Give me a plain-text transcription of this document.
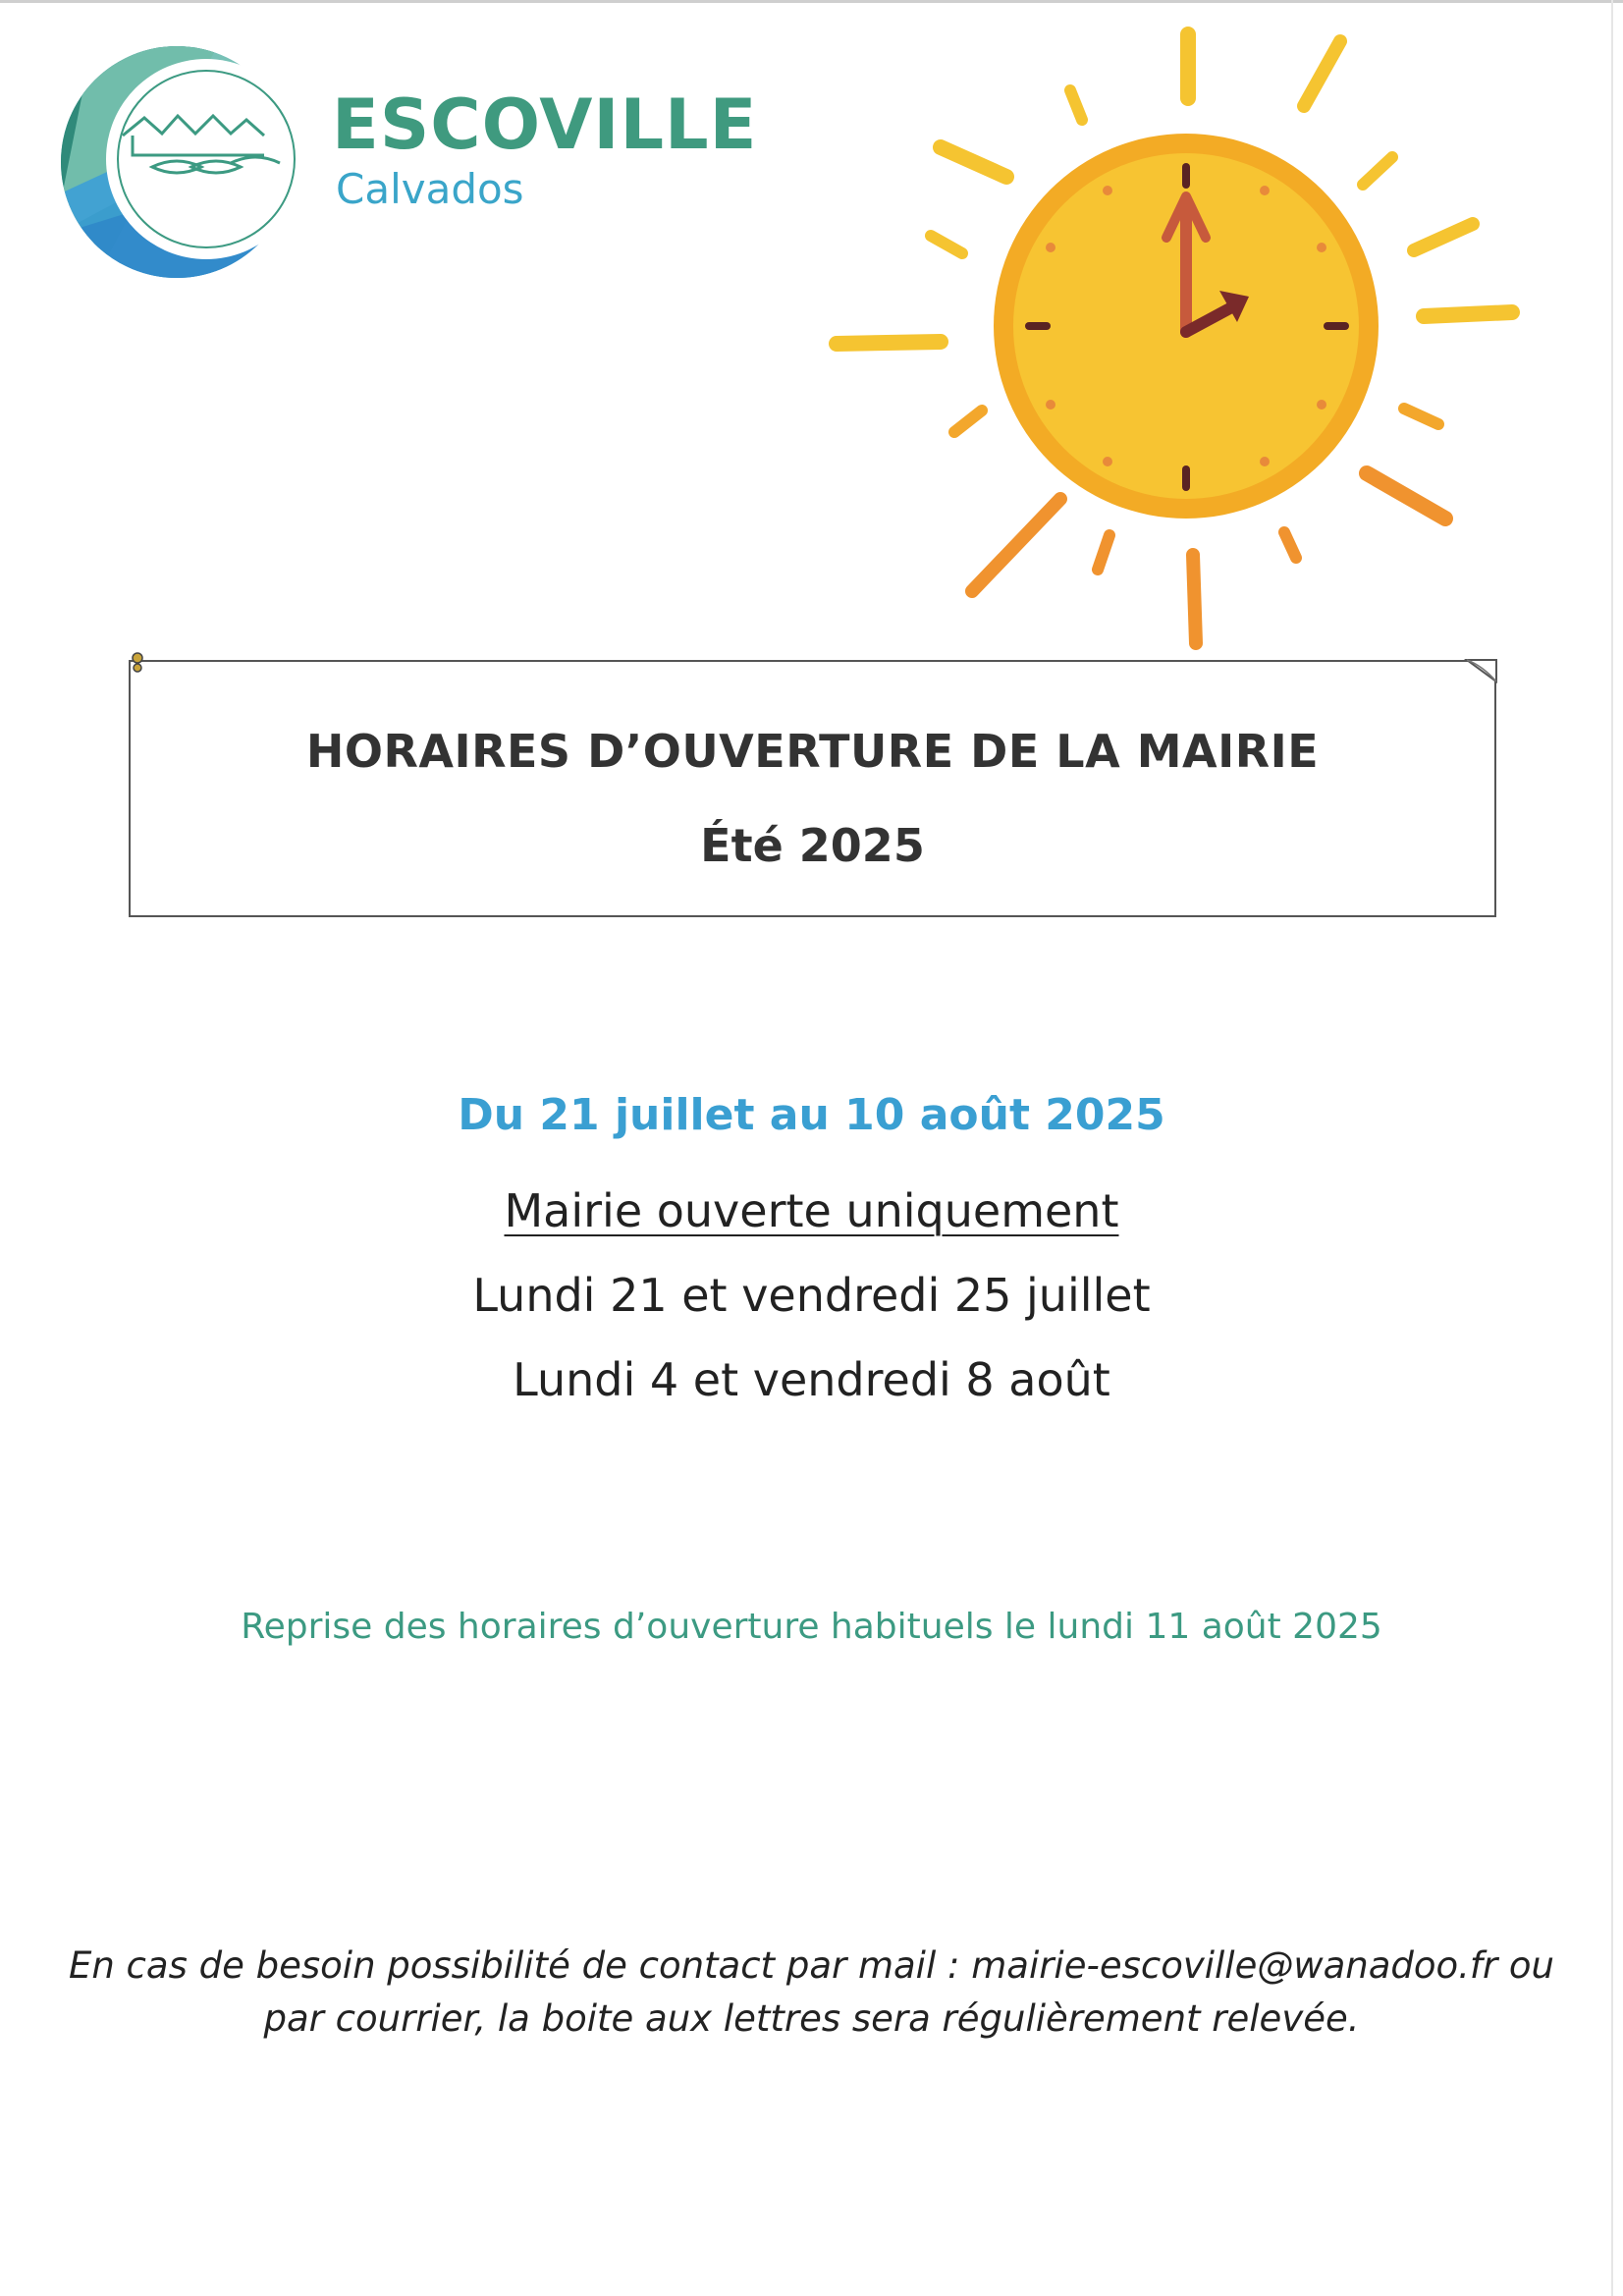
ESCOVILLE
Calvados
HORAIRES D’OUVERTURE DE LA MAIRIE
Été 2025
Du 21 juillet au 10 août 2025
Mairie ouverte uniquement
Lundi 21 et vendredi 25 juillet
Lundi 4 et vendredi 8 août
Reprise des horaires d’ouverture habituels le lundi 11 août 2025
En cas de besoin possibilité de contact par mail : mairie-escoville@wanadoo.fr ou
par courrier, la boite aux lettres sera régulièrement relevée.
